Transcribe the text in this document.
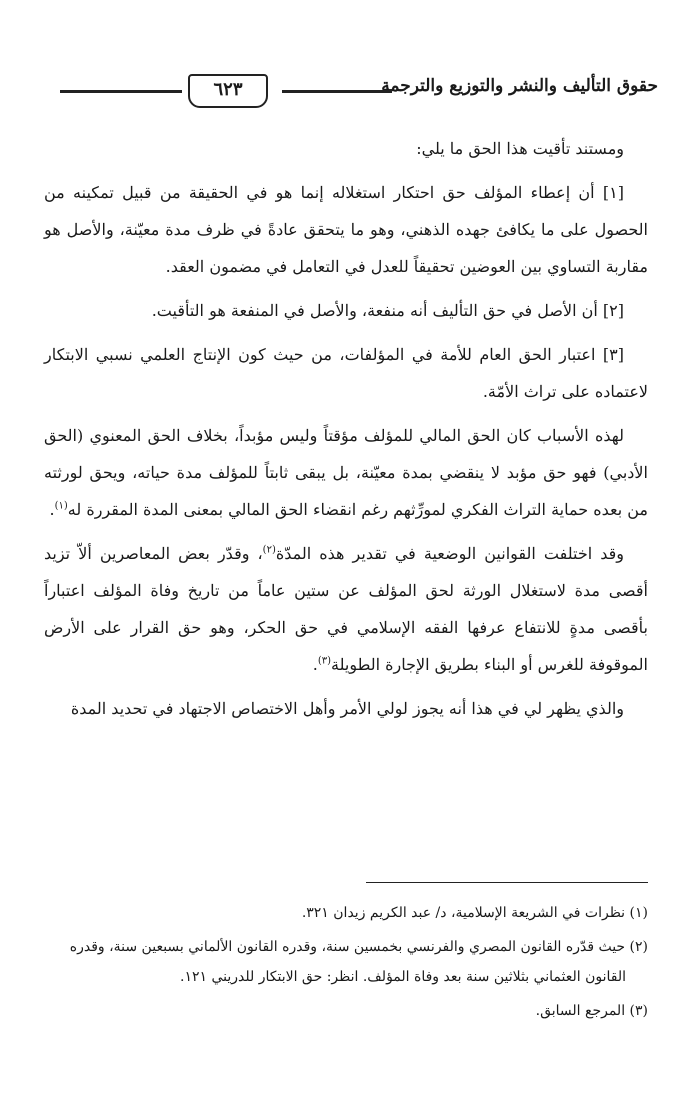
حقوق التأليف والنشر والتوزيع والترجمة
٦٢٣

ومستند تأقيت هذا الحق ما يلي:

[١] أن إعطاء المؤلف حق احتكار استغلاله إنما هو في الحقيقة من قبيل تمكينه من الحصول على ما يكافئ جهده الذهني، وهو ما يتحقق عادةً في ظرف مدة معيّنة، والأصل هو مقاربة التساوي بين العوضين تحقيقاً للعدل في التعامل في مضمون العقد.

[٢] أن الأصل في حق التأليف أنه منفعة، والأصل في المنفعة هو التأقيت.

[٣] اعتبار الحق العام للأمة في المؤلفات، من حيث كون الإنتاج العلمي نسبي الابتكار لاعتماده على تراث الأمّة.

لهذه الأسباب كان الحق المالي للمؤلف مؤقتاً وليس مؤبداً، بخلاف الحق المعنوي (الحق الأدبي) فهو حق مؤبد لا ينقضي بمدة معيّنة، بل يبقى ثابتاً للمؤلف مدة حياته، ويحق لورثته من بعده حماية التراث الفكري لمورِّثهم رغم انقضاء الحق المالي بمعنى المدة المقررة له$^{(١)}$.

وقد اختلفت القوانين الوضعية في تقدير هذه المدّة$^{(٢)}$، وقدّر بعض المعاصرين ألاّ تزيد أقصى مدة لاستغلال الورثة لحق المؤلف عن ستين عاماً من تاريخ وفاة المؤلف اعتباراً بأقصى مدةٍ للانتفاع عرفها الفقه الإسلامي في حق الحكر، وهو حق القرار على الأرض الموقوفة للغرس أو البناء بطريق الإجارة الطويلة$^{(٣)}$.

والذي يظهر لي في هذا أنه يجوز لولي الأمر وأهل الاختصاص الاجتهاد في تحديد المدة

(١) نظرات في الشريعة الإسلامية، د/ عبد الكريم زيدان ٣٢١.

(٢) حيث قدّره القانون المصري والفرنسي بخمسين سنة، وقدره القانون الألماني بسبعين سنة، وقدره
القانون العثماني بثلاثين سنة بعد وفاة المؤلف. انظر: حق الابتكار للدريني ١٢١.

(٣) المرجع السابق.
